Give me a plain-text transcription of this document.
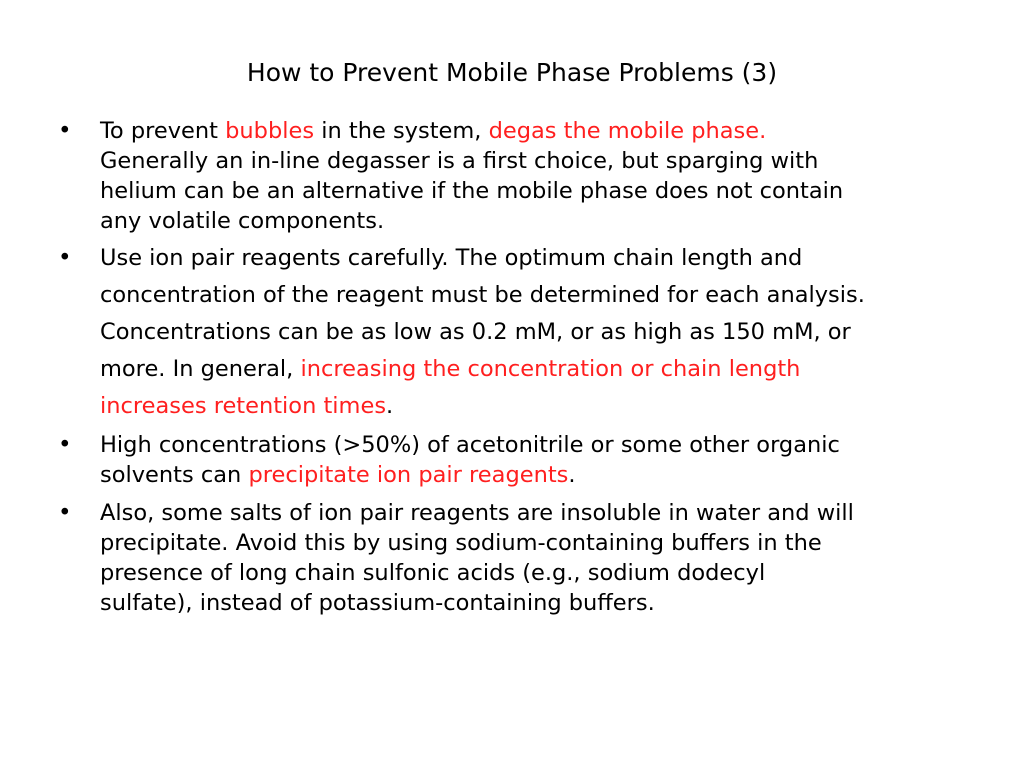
How to Prevent Mobile Phase Problems (3)
• To prevent bubbles in the system, degas the mobile phase.
Generally an in-line degasser is a first choice, but sparging with
helium can be an alternative if the mobile phase does not contain
any volatile components.
• Use ion pair reagents carefully. The optimum chain length and
concentration of the reagent must be determined for each analysis.
Concentrations can be as low as 0.2 mM, or as high as 150 mM, or
more. In general, increasing the concentration or chain length
increases retention times.
• High concentrations (>50%) of acetonitrile or some other organic
solvents can precipitate ion pair reagents.
• Also, some salts of ion pair reagents are insoluble in water and will
precipitate. Avoid this by using sodium-containing buffers in the
presence of long chain sulfonic acids (e.g., sodium dodecyl
sulfate), instead of potassium-containing buffers.
